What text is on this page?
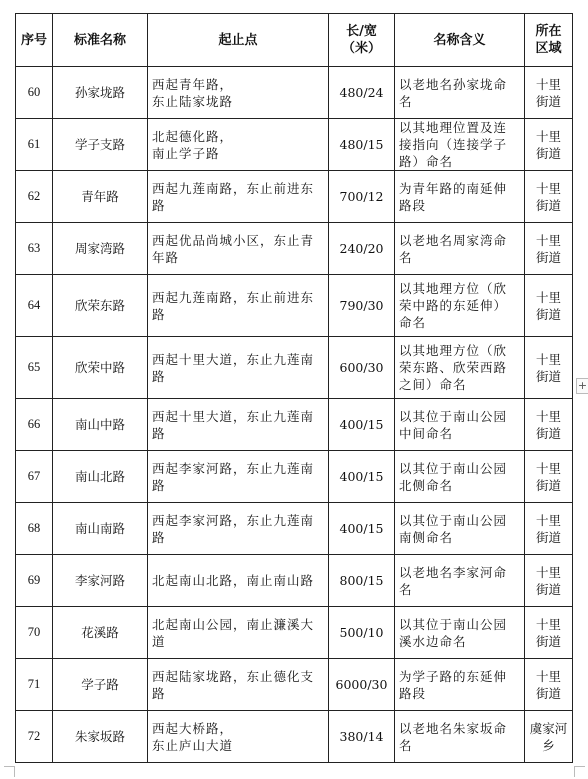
序号	标准名称	起止点	长/宽
（米）	名称含义	所在
区域
60	孙家垅路	西起青年路，
东止陆家垅路	480/24	以老地名孙家垅命名	十里
街道
61	学子支路	北起德化路，
南止学子路	480/15	以其地理位置及连接指向（连接学子路）命名	十里
街道
62	青年路	西起九莲南路，东止前进东路	700/12	为青年路的南延伸路段	十里
街道
63	周家湾路	西起优品尚城小区，东止青年路	240/20	以老地名周家湾命名	十里
街道
64	欣荣东路	西起九莲南路，东止前进东路	790/30	以其地理方位（欣荣中路的东延伸）命名	十里
街道
65	欣荣中路	西起十里大道，东止九莲南路	600/30	以其地理方位（欣荣东路、欣荣西路之间）命名	十里
街道
66	南山中路	西起十里大道，东止九莲南路	400/15	以其位于南山公园中间命名	十里
街道
67	南山北路	西起李家河路，东止九莲南路	400/15	以其位于南山公园北侧命名	十里
街道
68	南山南路	西起李家河路，东止九莲南路	400/15	以其位于南山公园南侧命名	十里
街道
69	李家河路	北起南山北路，南止南山路	800/15	以老地名李家河命名	十里
街道
70	花溪路	北起南山公园，南止濂溪大道	500/10	以其位于南山公园溪水边命名	十里
街道
71	学子路	西起陆家垅路，东止德化支路	6000/30	为学子路的东延伸路段	十里
街道
72	朱家坂路	西起大桥路，
东止庐山大道	380/14	以老地名朱家坂命名	虞家河
乡
+
